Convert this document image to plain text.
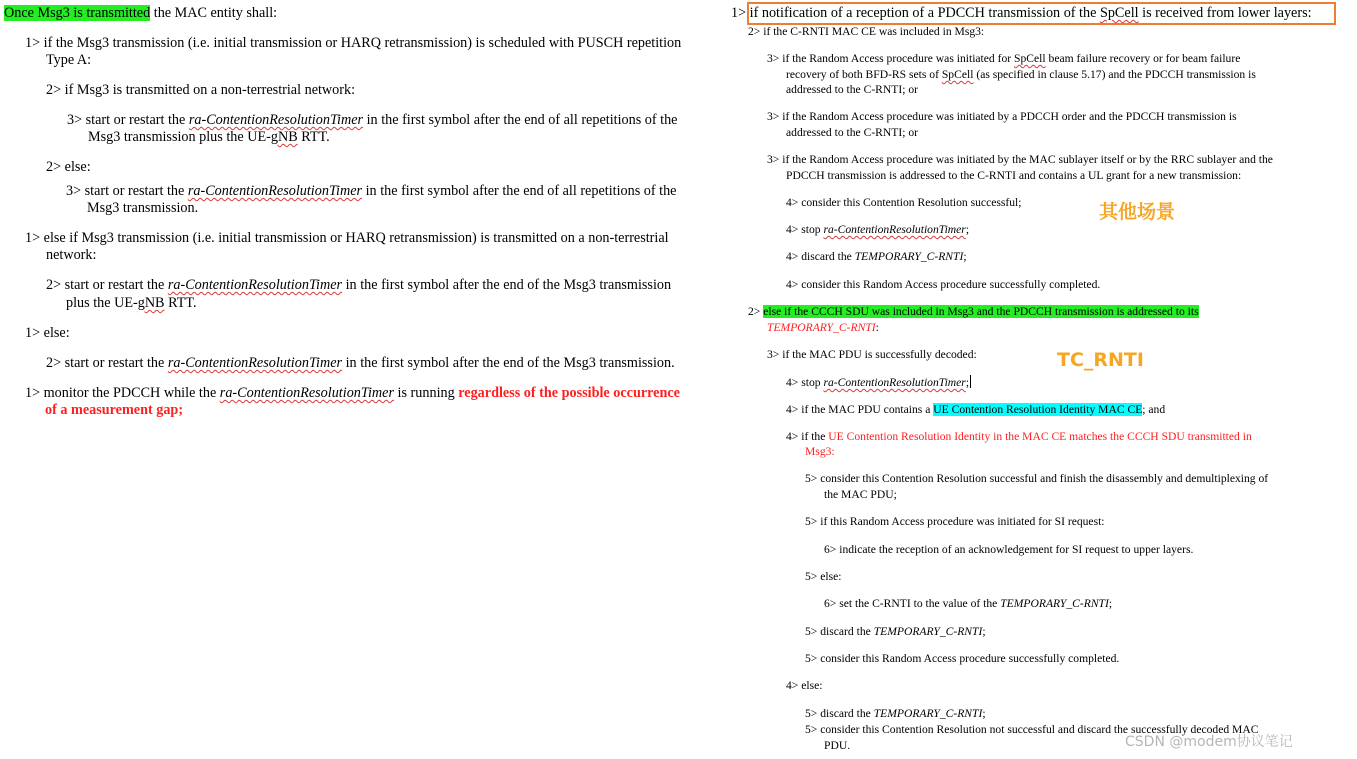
Once Msg3 is transmitted the MAC entity shall:
1> if the Msg3 transmission (i.e. initial transmission or HARQ retransmission) is scheduled with PUSCH repetition
Type A:
2> if Msg3 is transmitted on a non-terrestrial network:
3> start or restart the ra-ContentionResolutionTimer in the first symbol after the end of all repetitions of the
Msg3 transmission plus the UE-gNB RTT.
2> else:
3> start or restart the ra-ContentionResolutionTimer in the first symbol after the end of all repetitions of the
Msg3 transmission.
1> else if Msg3 transmission (i.e. initial transmission or HARQ retransmission) is transmitted on a non-terrestrial
network:
2> start or restart the ra-ContentionResolutionTimer in the first symbol after the end of the Msg3 transmission
plus the UE-gNB RTT.
1> else:
2> start or restart the ra-ContentionResolutionTimer in the first symbol after the end of the Msg3 transmission.
1> monitor the PDCCH while the ra-ContentionResolutionTimer is running regardless of the possible occurrence
of a measurement gap;
1> if notification of a reception of a PDCCH transmission of the SpCell is received from lower layers:
2> if the C-RNTI MAC CE was included in Msg3:
3> if the Random Access procedure was initiated for SpCell beam failure recovery or for beam failure
recovery of both BFD-RS sets of SpCell (as specified in clause 5.17) and the PDCCH transmission is
addressed to the C-RNTI; or
3> if the Random Access procedure was initiated by a PDCCH order and the PDCCH transmission is
addressed to the C-RNTI; or
3> if the Random Access procedure was initiated by the MAC sublayer itself or by the RRC sublayer and the
PDCCH transmission is addressed to the C-RNTI and contains a UL grant for a new transmission:
4> consider this Contention Resolution successful;	其他场景
4> stop ra-ContentionResolutionTimer;
4> discard the TEMPORARY_C-RNTI;
4> consider this Random Access procedure successfully completed.
2> else if the CCCH SDU was included in Msg3 and the PDCCH transmission is addressed to its
TEMPORARY_C-RNTI:
3> if the MAC PDU is successfully decoded:	TC_RNTI
4> stop ra-ContentionResolutionTimer;
4> if the MAC PDU contains a UE Contention Resolution Identity MAC CE; and
4> if the UE Contention Resolution Identity in the MAC CE matches the CCCH SDU transmitted in
Msg3:
5> consider this Contention Resolution successful and finish the disassembly and demultiplexing of
the MAC PDU;
5> if this Random Access procedure was initiated for SI request:
6> indicate the reception of an acknowledgement for SI request to upper layers.
5> else:
6> set the C-RNTI to the value of the TEMPORARY_C-RNTI;
5> discard the TEMPORARY_C-RNTI;
5> consider this Random Access procedure successfully completed.
4> else:
5> discard the TEMPORARY_C-RNTI;
5> consider this Contention Resolution not successful and discard the successfully decoded MAC
PDU.	CSDN @modem协议笔记
